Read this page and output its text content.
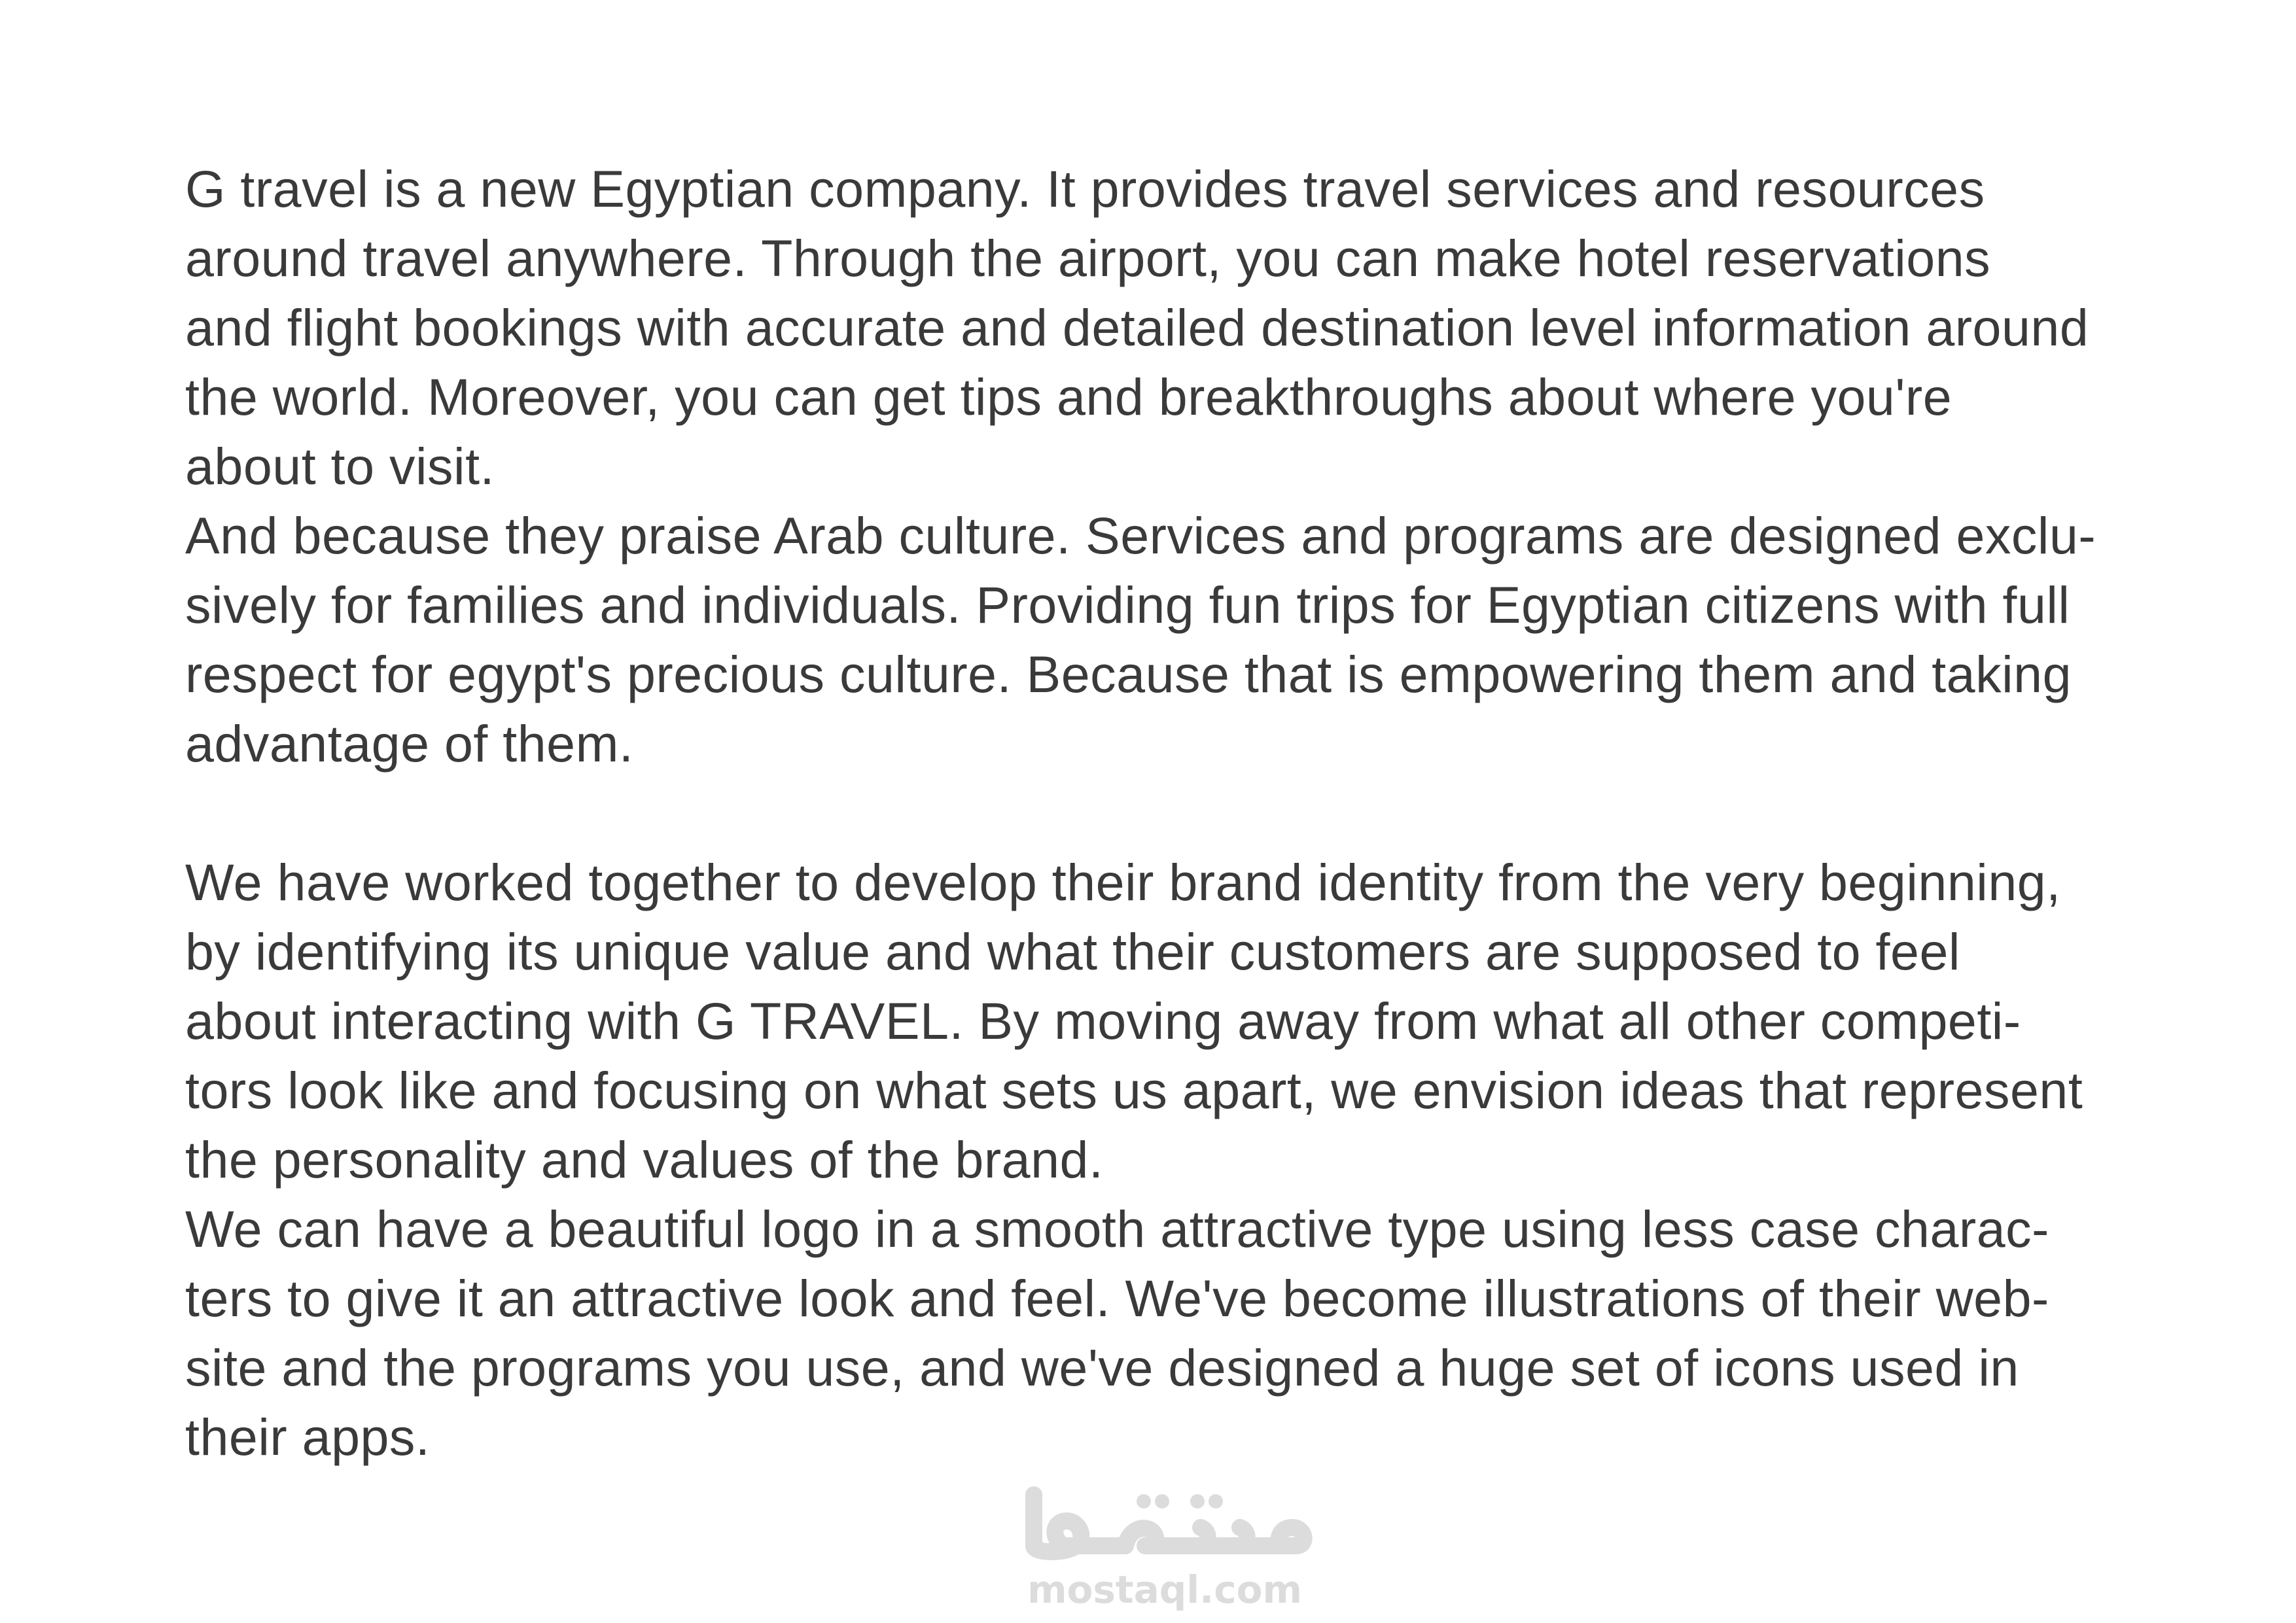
G travel is a new Egyptian company. It provides travel services and resources
around travel anywhere. Through the airport, you can make hotel reservations
and flight bookings with accurate and detailed destination level information around
the world. Moreover, you can get tips and breakthroughs about where you're
about to visit.
And because they praise Arab culture. Services and programs are designed exclu-
sively for families and individuals. Providing fun trips for Egyptian citizens with full
respect for egypt's precious culture. Because that is empowering them and taking
advantage of them.
We have worked together to develop their brand identity from the very beginning,
by identifying its unique value and what their customers are supposed to feel
about interacting with G TRAVEL. By moving away from what all other competi-
tors look like and focusing on what sets us apart, we envision ideas that represent
the personality and values of the brand.
We can have a beautiful logo in a smooth attractive type using less case charac-
ters to give it an attractive look and feel. We've become illustrations of their web-
site and the programs you use, and we've designed a huge set of icons used in
their apps.
mostaql.com
